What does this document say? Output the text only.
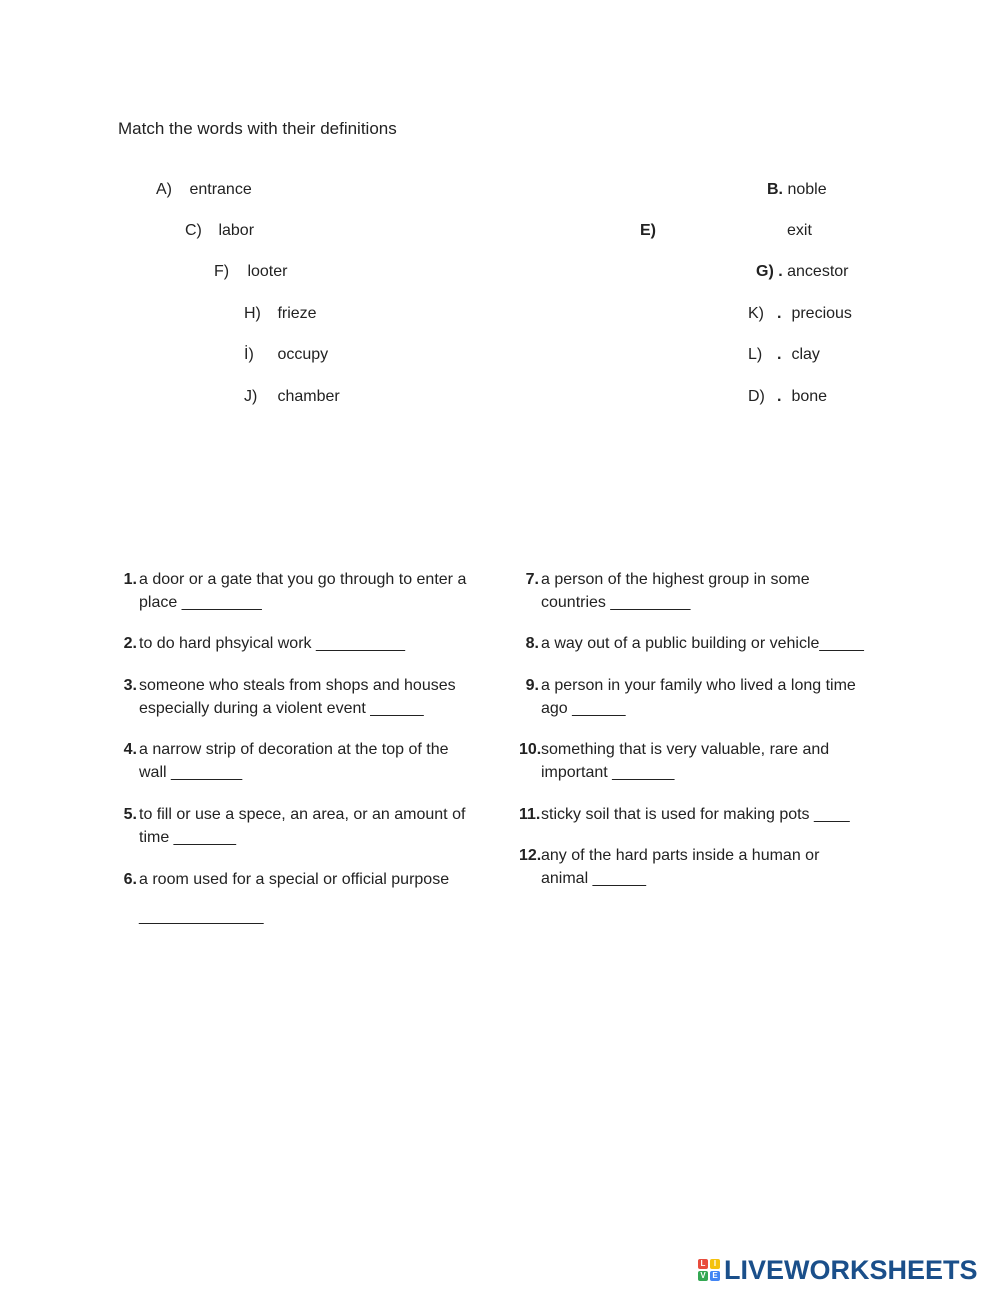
Match the words with their definitions
A) entrance
C) labor
F) looter
H) frieze
İ) occupy
J) chamber
B. noble
E)	exit
G) . ancestor
K) . precious
L) . clay
D) . bone
1. a door or a gate that you go through to enter a
place _________
2. to do hard phsyical work __________
3. someone who steals from shops and houses
especially during a violent event ______
4. a narrow strip of decoration at the top of the
wall ________
5. to fill or use a spece, an area, or an amount of
time _______
6. a room used for a special or official purpose
______________
7. a person of the highest group in some
countries _________
8. a way out of a public building or vehicle_____
9. a person in your family who lived a long time
ago ______
10. something that is very valuable, rare and
important _______
11. sticky soil that is used for making pots ____
12. any of the hard parts inside a human or
animal ______
L	I
V E LIVEWORKSHEETS
